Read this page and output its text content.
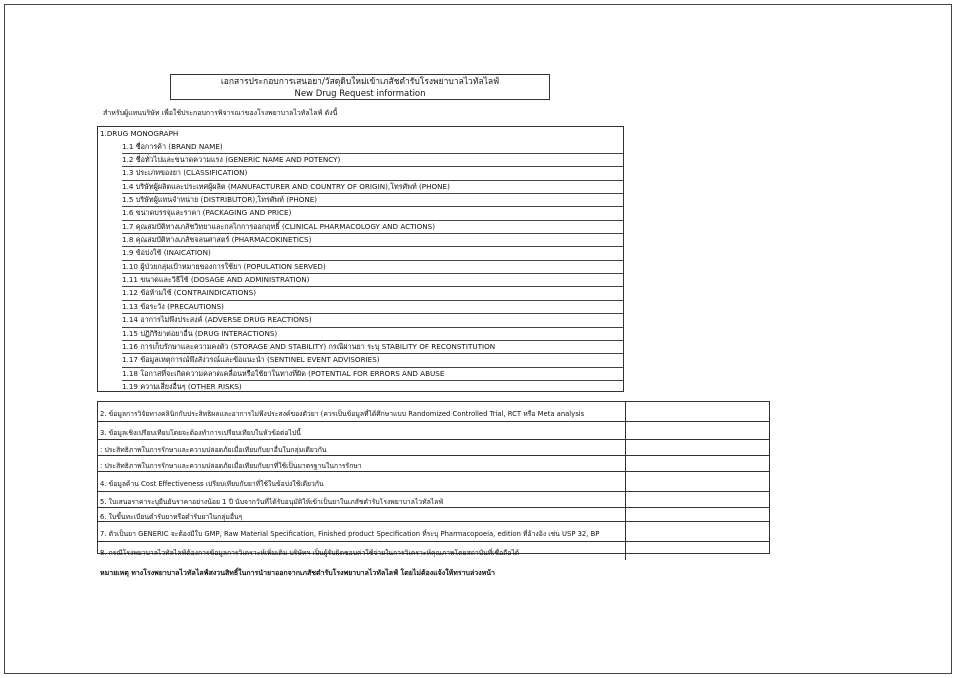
เอกสารประกอบการเสนอยา/วัสดุดิบใหม่เข้าเภสัชตำรับโรงพยาบาลไวทัลไลฟ์
New Drug Request information
สำหรับผู้แทนบริษัท เพื่อใช้ประกอบการพิจารณาของโรงพยาบาลไวทัลไลฟ์ ดังนี้
1.DRUG MONOGRAPH
1.1 ชื่อการค้า (BRAND NAME)
1.2 ชื่อทั่วไปและขนาดความแรง (GENERIC NAME AND POTENCY)
1.3 ประเภทของยา (CLASSIFICATION)
1.4 บริษัทผู้ผลิตและประเทศผู้ผลิต (MANUFACTURER AND COUNTRY OF ORIGIN),โทรศัพท์ (PHONE)
1.5 บริษัทผู้แทนจำหน่าย (DISTRIBUTOR),โทรศัพท์ (PHONE)
1.6 ขนาดบรรจุและราคา (PACKAGING AND PRICE)
1.7 คุณสมบัติทางเภสัชวิทยาและกลไกการออกฤทธิ์ (CLINICAL PHARMACOLOGY AND ACTIONS)
1.8 คุณสมบัติทางเภสัชจลนศาสตร์ (PHARMACOKINETICS)
1.9 ข้อบ่งใช้ (INAICATION)
1.10 ผู้ป่วยกลุ่มเป้าหมายของการใช้ยา (POPULATION SERVED)
1.11 ขนาดและวิธีใช้ (DOSAGE AND ADMINISTRATION)
1.12 ข้อห้ามใช้ (CONTRAINDICATIONS)
1.13 ข้อระวัง (PRECAUTIONS)
1.14 อาการไม่พึงประสงค์ (ADVERSE DRUG REACTIONS)
1.15 ปฏิกิริยาต่อยาอื่น (DRUG INTERACTIONS)
1.16 การเก็บรักษาและความคงตัว (STORAGE AND STABILITY) กรณีผ่านยา ระบุ STABILITY OF RECONSTITUTION
1.17 ข้อมูลเหตุการณ์พึงสังวรณ์และข้อแนะนำ (SENTINEL EVENT ADVISORIES)
1.18 โอกาสที่จะเกิดความคลาดเคลื่อนหรือใช้ยาในทางที่ผิด (POTENTIAL FOR ERRORS AND ABUSE
1.19 ความเสี่ยงอื่นๆ (OTHER RISKS)
2. ข้อมูลการวิจัยทางคลินิกกับประสิทธิผลและอาการไม่พึงประสงค์ของตัวยา (ควรเป็นข้อมูลที่ได้ศึกษาแบบ Randomized Controlled Trial, RCT หรือ Meta analysis
3. ข้อมูลเชิงเปรียบเทียบโดยจะต้องทำการเปรียบเทียบในหัวข้อต่อไปนี้
: ประสิทธิภาพในการรักษาและความปลอดภัยเมื่อเทียบกับยาอื่นในกลุ่มเดียวกัน
: ประสิทธิภาพในการรักษาและความปลอดภัยเมื่อเทียบกับยาที่ใช้เป็นมาตรฐานในการรักษา
4. ข้อมูลด้าน Cost Effectiveness เปรียบเทียบกับยาที่ใช้ในข้อบ่งใช้เดียวกัน
5. ใบเสนอราคาระบุยืนยันราคาอย่างน้อย 1 ปี นับจากวันที่ได้รับอนุมัติให้เข้าเป็นยาในเภสัชตำรับโรงพยาบาลไวทัลไลฟ์
6. ใบขึ้นทะเบียนตำรับยาหรือตำรับยาในกลุ่มอื่นๆ
7. ตัวเป็นยา GENERIC จะต้องมีใบ GMP, Raw Material Specification, Finished product Specification ที่ระบุ Pharmacopoeia, edition ที่อ้างอิง เช่น USP 32, BP
8. กรณีโรงพยาบาลไวทัลไลฟ์ต้องการข้อมูลการวิเคราะห์เพิ่มเติม บริษัทฯ เป็นผู้รับผิดชอบค่าใช้จ่ายในการวิเคราะห์คุณภาพโดยสถาบันที่เชื่อถือได้
หมายเหตุ ทางโรงพยาบาลไวทัลไลฟ์สงวนสิทธิ์ในการนำยาออกจากเภสัชตำรับโรงพยาบาลไวทัลไลฟ์ โดยไม่ต้องแจ้งให้ทราบล่วงหน้า
